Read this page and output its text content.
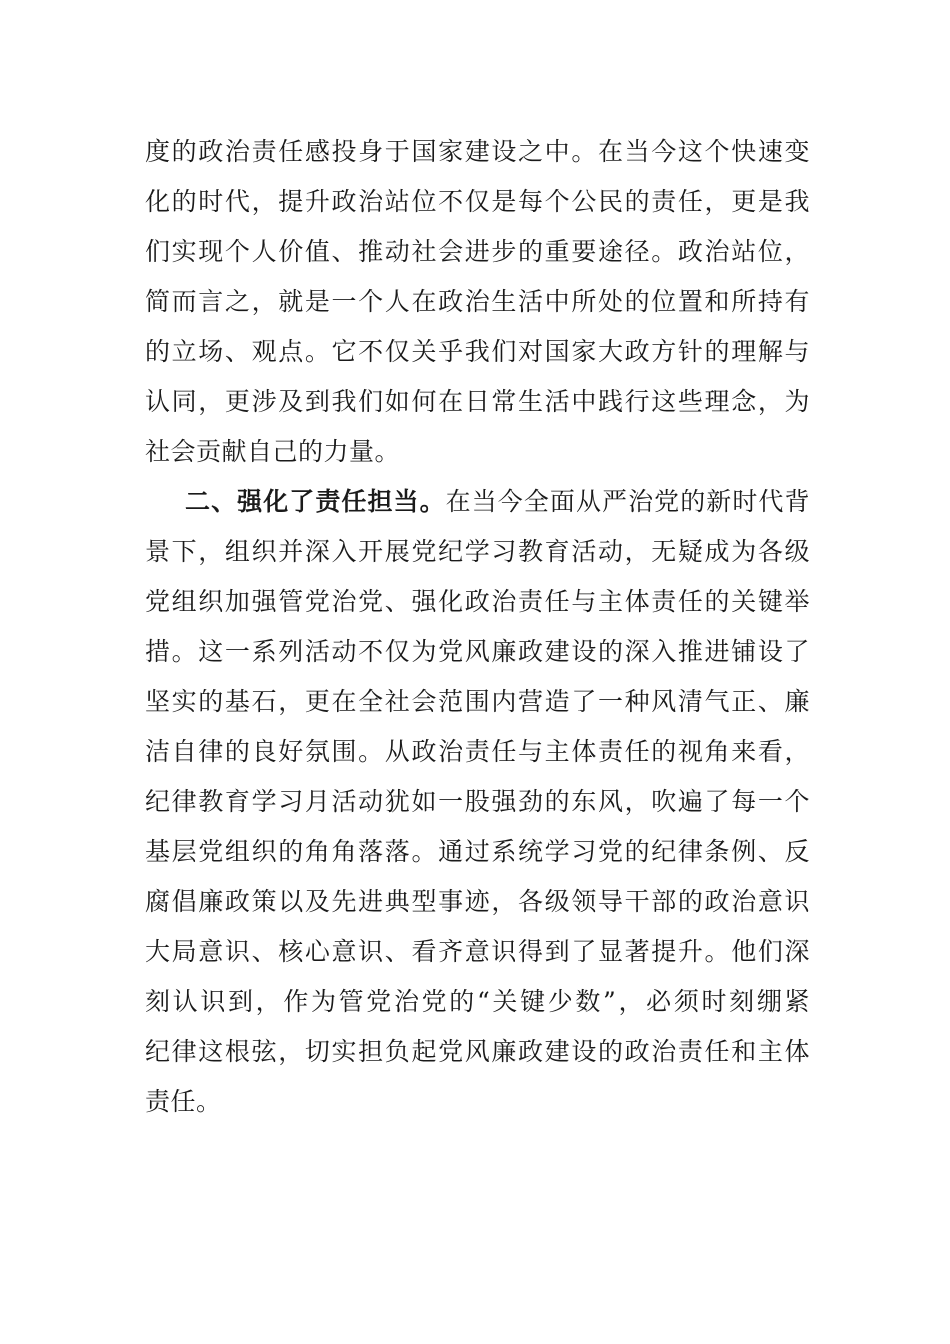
度的政治责任感投身于国家建设之中。在当今这个快速变
化的时代，提升政治站位不仅是每个公民的责任，更是我
们实现个人价值、推动社会进步的重要途径。政治站位，
简而言之，就是一个人在政治生活中所处的位置和所持有
的立场、观点。它不仅关乎我们对国家大政方针的理解与
认同，更涉及到我们如何在日常生活中践行这些理念，为
社会贡献自己的力量。
二、强化了责任担当。在当今全面从严治党的新时代背
景下，组织并深入开展党纪学习教育活动，无疑成为各级
党组织加强管党治党、强化政治责任与主体责任的关键举
措。这一系列活动不仅为党风廉政建设的深入推进铺设了
坚实的基石，更在全社会范围内营造了一种风清气正、廉
洁自律的良好氛围。从政治责任与主体责任的视角来看，
纪律教育学习月活动犹如一股强劲的东风，吹遍了每一个
基层党组织的角角落落。通过系统学习党的纪律条例、反
腐倡廉政策以及先进典型事迹，各级领导干部的政治意识
大局意识、核心意识、看齐意识得到了显著提升。他们深
刻认识到，作为管党治党的“关键少数”，必须时刻绷紧
纪律这根弦，切实担负起党风廉政建设的政治责任和主体
责任。
